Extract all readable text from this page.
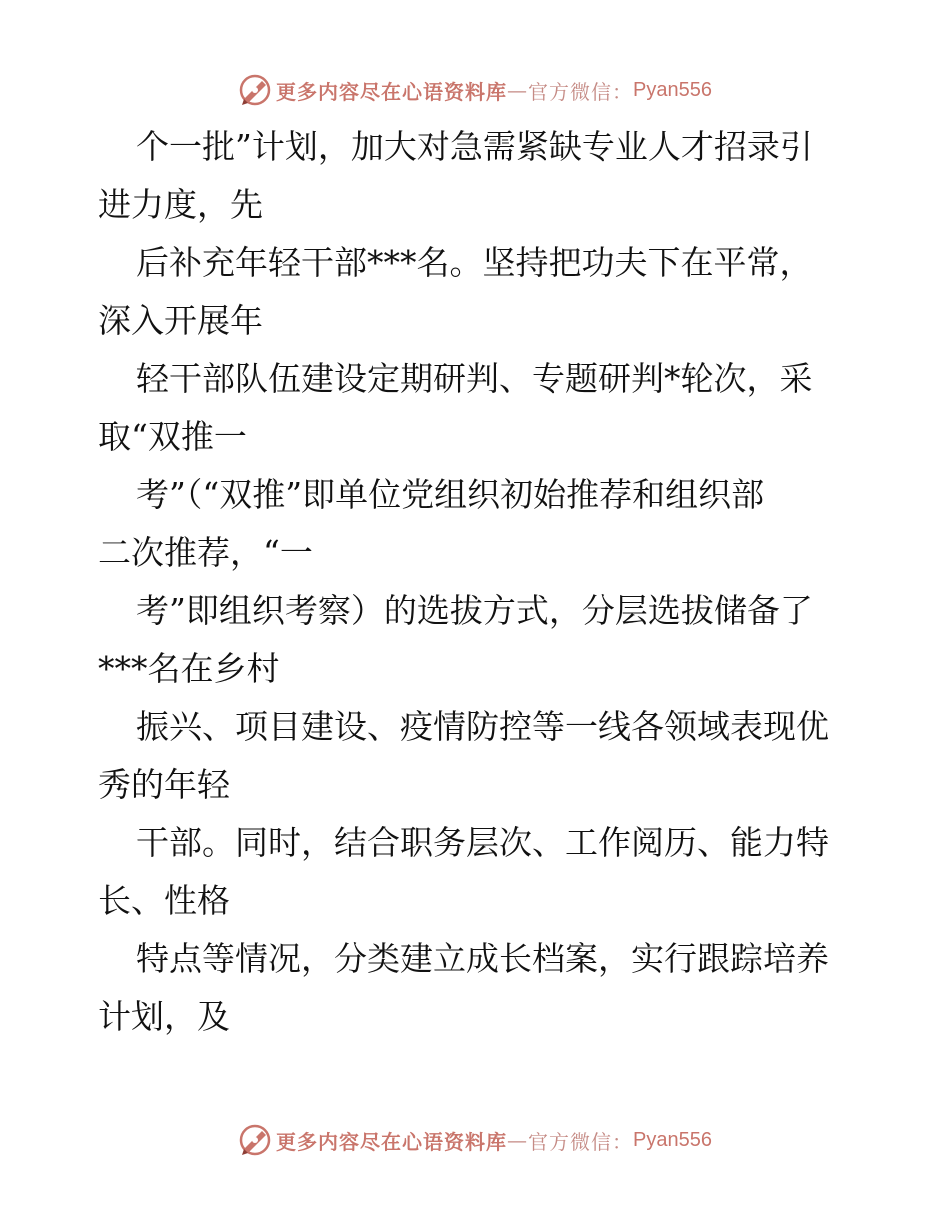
更多内容尽在心语资料库 — 官方微信： Pyan556
个一批”计划，加大对急需紧缺专业人才招录引
进力度，先
后补充年轻干部***名。坚持把功夫下在平常，
深入开展年
轻干部队伍建设定期研判、专题研判*轮次，采
取“双推一
考”（“双推”即单位党组织初始推荐和组织部
二次推荐，“一
考”即组织考察）的选拔方式，分层选拔储备了
***名在乡村
振兴、项目建设、疫情防控等一线各领域表现优
秀的年轻
干部。同时，结合职务层次、工作阅历、能力特
长、性格
特点等情况，分类建立成长档案，实行跟踪培养
计划，及
更多内容尽在心语资料库 — 官方微信： Pyan556
